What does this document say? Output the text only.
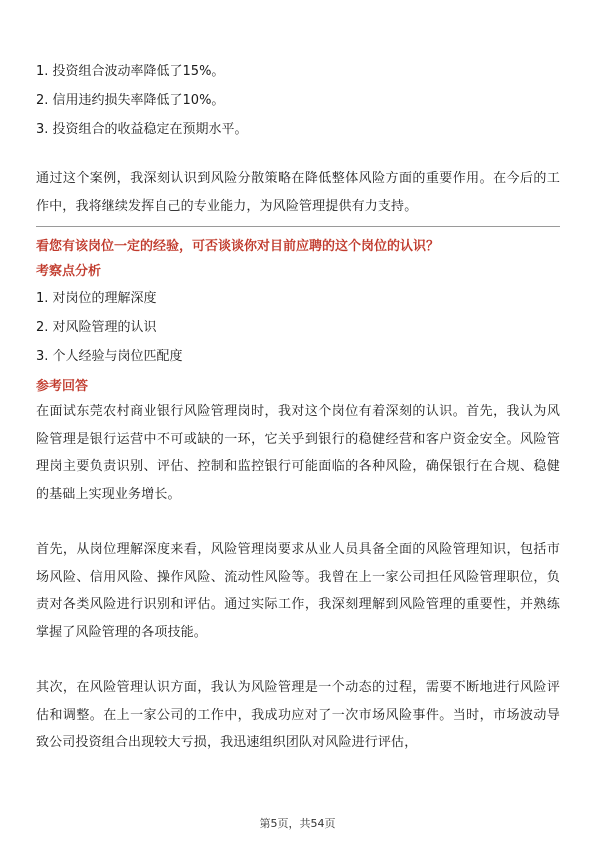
1. 投资组合波动率降低了15%。
2. 信用违约损失率降低了10%。
3. 投资组合的收益稳定在预期水平。

通过这个案例，我深刻认识到风险分散策略在降低整体风险方面的重要作用。在今后的工作中，我将继续发挥自己的专业能力，为风险管理提供有力支持。

看您有该岗位一定的经验，可否谈谈你对目前应聘的这个岗位的认识？
考察点分析
1. 对岗位的理解深度
2. 对风险管理的认识
3. 个人经验与岗位匹配度
参考回答

在面试东莞农村商业银行风险管理岗时，我对这个岗位有着深刻的认识。首先，我认为风险管理是银行运营中不可或缺的一环，它关乎到银行的稳健经营和客户资金安全。风险管理岗主要负责识别、评估、控制和监控银行可能面临的各种风险，确保银行在合规、稳健的基础上实现业务增长。

首先，从岗位理解深度来看，风险管理岗要求从业人员具备全面的风险管理知识，包括市场风险、信用风险、操作风险、流动性风险等。我曾在上一家公司担任风险管理职位，负责对各类风险进行识别和评估。通过实际工作，我深刻理解到风险管理的重要性，并熟练掌握了风险管理的各项技能。

其次，在风险管理认识方面，我认为风险管理是一个动态的过程，需要不断地进行风险评估和调整。在上一家公司的工作中，我成功应对了一次市场风险事件。当时，市场波动导致公司投资组合出现较大亏损，我迅速组织团队对风险进行评估，

第5页，共54页
